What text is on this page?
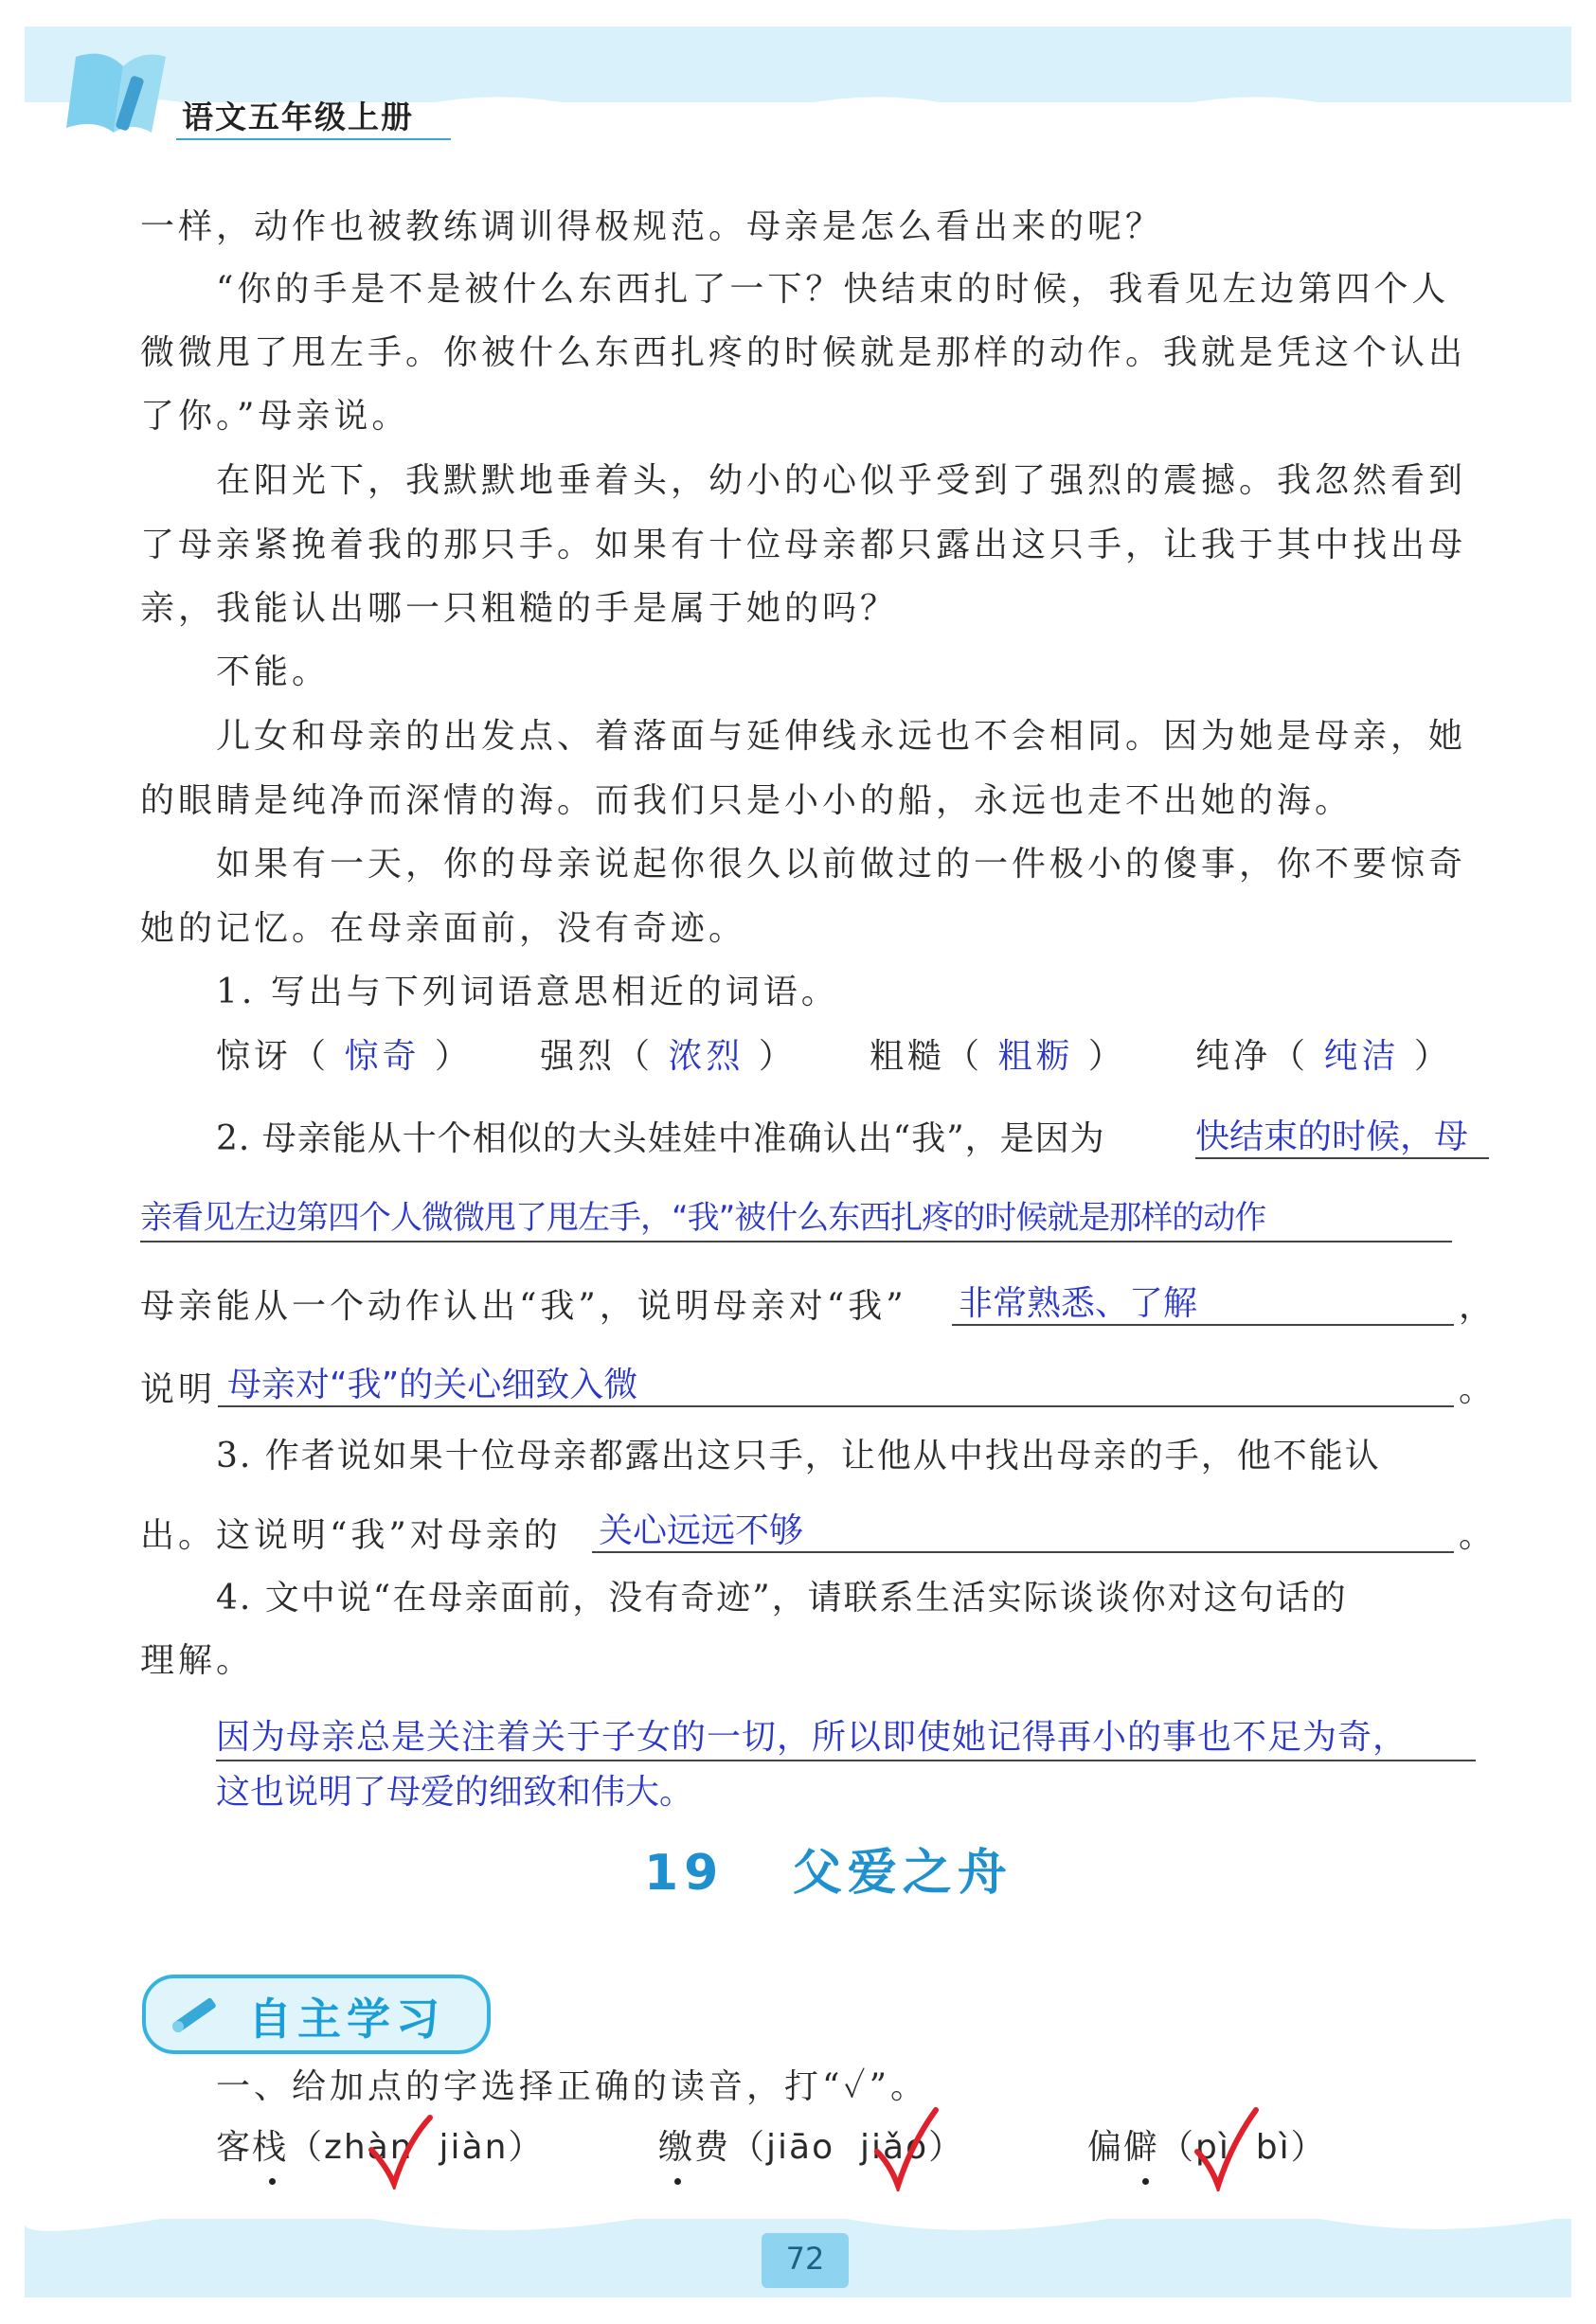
语文五年级上册
一样，动作也被教练调训得极规范。母亲是怎么看出来的呢？
“你的手是不是被什么东西扎了一下？快结束的时候，我看见左边第四个人
微微甩了甩左手。你被什么东西扎疼的时候就是那样的动作。我就是凭这个认出
了你。”母亲说。
在阳光下，我默默地垂着头，幼小的心似乎受到了强烈的震撼。我忽然看到
了母亲紧挽着我的那只手。如果有十位母亲都只露出这只手，让我于其中找出母
亲，我能认出哪一只粗糙的手是属于她的吗？
不能。
儿女和母亲的出发点、着落面与延伸线永远也不会相同。因为她是母亲，她
的眼睛是纯净而深情的海。而我们只是小小的船，永远也走不出她的海。
如果有一天，你的母亲说起你很久以前做过的一件极小的傻事，你不要惊奇
她的记忆。在母亲面前，没有奇迹。
1. 写出与下列词语意思相近的词语。
惊讶（ 惊奇 ） 强烈（ 浓烈 ） 粗糙（ 粗粝 ） 纯净（ 纯洁 ）
2. 母亲能从十个相似的大头娃娃中准确认出“我”，是因为	快结束的时候，母
亲看见左边第四个人微微甩了甩左手，“我”被什么东西扎疼的时候就是那样的动作
母亲能从一个动作认出“我”，说明母亲对“我” 非常熟悉、了解	，
说明 母亲对“我”的关心细致入微	。
3. 作者说如果十位母亲都露出这只手，让他从中找出母亲的手，他不能认
出。这说明“我”对母亲的 关心远远不够	。
4. 文中说“在母亲面前，没有奇迹”，请联系生活实际谈谈你对这句话的
理解。
因为母亲总是关注着关于子女的一切，所以即使她记得再小的事也不足为奇，
这也说明了母爱的细致和伟大。
19 父爱之舟
自主学习
一、给加点的字选择正确的读音，打“✓”。
客栈（zhàn jiàn）	缴费（jiāo jiǎo）	偏僻（pì bì）
72
